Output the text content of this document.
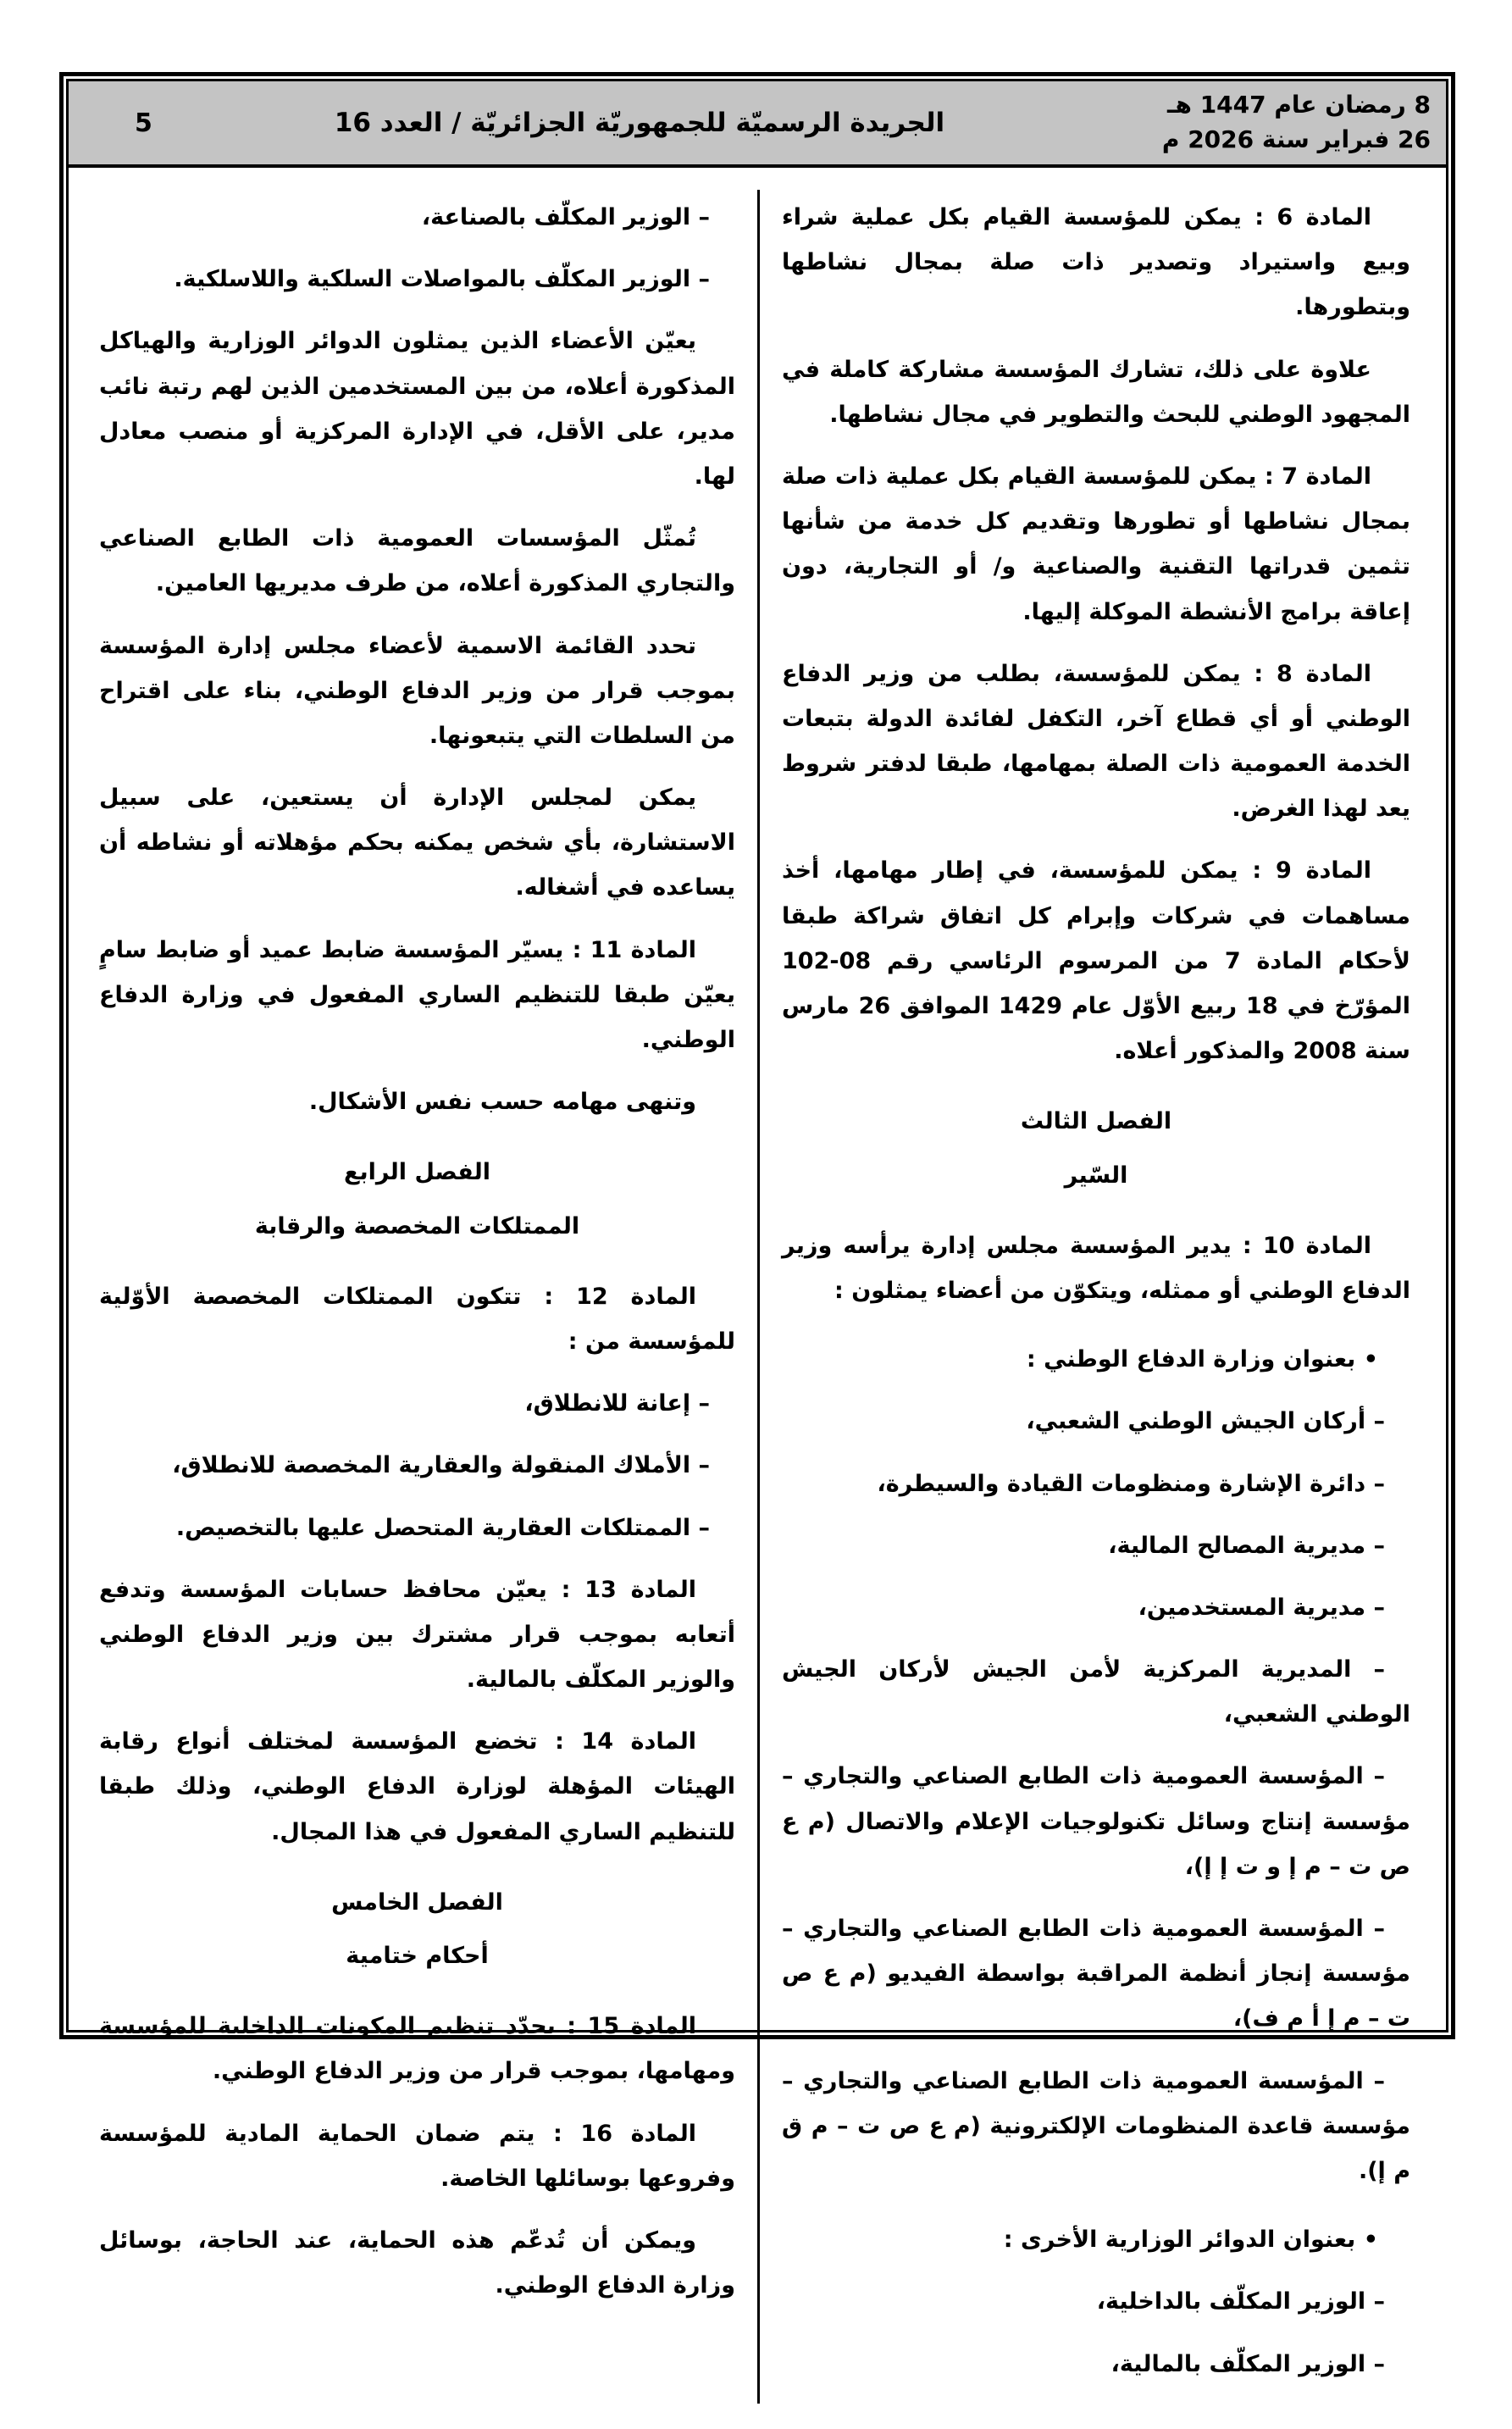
8 رمضان عام 1447 هـ
26 فبراير سنة 2026 م
الجريدة الرسميّة للجمهوريّة الجزائريّة / العدد 16
5
المادة 6 : يمكن للمؤسسة القيام بكل عملية شراء وبيع واستيراد وتصدير ذات صلة بمجال نشاطها وبتطورها.
علاوة على ذلك، تشارك المؤسسة مشاركة كاملة في المجهود الوطني للبحث والتطوير في مجال نشاطها.
المادة 7 : يمكن للمؤسسة القيام بكل عملية ذات صلة بمجال نشاطها أو تطورها وتقديم كل خدمة من شأنها تثمين قدراتها التقنية والصناعية و/ أو التجارية، دون إعاقة برامج الأنشطة الموكلة إليها.
المادة 8 : يمكن للمؤسسة، بطلب من وزير الدفاع الوطني أو أي قطاع آخر، التكفل لفائدة الدولة بتبعات الخدمة العمومية ذات الصلة بمهامها، طبقا لدفتر شروط يعد لهذا الغرض.
المادة 9 : يمكن للمؤسسة، في إطار مهامها، أخذ مساهمات في شركات وإبرام كل اتفاق شراكة طبقا لأحكام المادة 7 من المرسوم الرئاسي رقم 08-102 المؤرّخ في 18 ربيع الأوّل عام 1429 الموافق 26 مارس سنة 2008 والمذكور أعلاه.
الفصل الثالث
السّير
المادة 10 : يدير المؤسسة مجلس إدارة يرأسه وزير الدفاع الوطني أو ممثله، ويتكوّن من أعضاء يمثلون :
• بعنوان وزارة الدفاع الوطني :
– أركان الجيش الوطني الشعبي،
– دائرة الإشارة ومنظومات القيادة والسيطرة،
– مديرية المصالح المالية،
– مديرية المستخدمين،
– المديرية المركزية لأمن الجيش لأركان الجيش الوطني الشعبي،
– المؤسسة العمومية ذات الطابع الصناعي والتجاري – مؤسسة إنتاج وسائل تكنولوجيات الإعلام والاتصال (م ع ص ت – م إ و ت إ إ)،
– المؤسسة العمومية ذات الطابع الصناعي والتجاري – مؤسسة إنجاز أنظمة المراقبة بواسطة الفيديو (م ع ص ت – م إ أ م ف)،
– المؤسسة العمومية ذات الطابع الصناعي والتجاري – مؤسسة قاعدة المنظومات الإلكترونية (م ع ص ت – م ق م إ).
• بعنوان الدوائر الوزارية الأخرى :
– الوزير المكلّف بالداخلية،
– الوزير المكلّف بالمالية،
– الوزير المكلّف بالصناعة،
– الوزير المكلّف بالمواصلات السلكية واللاسلكية.
يعيّن الأعضاء الذين يمثلون الدوائر الوزارية والهياكل المذكورة أعلاه، من بين المستخدمين الذين لهم رتبة نائب مدير، على الأقل، في الإدارة المركزية أو منصب معادل لها.
تُمثّل المؤسسات العمومية ذات الطابع الصناعي والتجاري المذكورة أعلاه، من طرف مديريها العامين.
تحدد القائمة الاسمية لأعضاء مجلس إدارة المؤسسة بموجب قرار من وزير الدفاع الوطني، بناء على اقتراح من السلطات التي يتبعونها.
يمكن لمجلس الإدارة أن يستعين، على سبيل الاستشارة، بأي شخص يمكنه بحكم مؤهلاته أو نشاطه أن يساعده في أشغاله.
المادة 11 : يسيّر المؤسسة ضابط عميد أو ضابط سامٍ يعيّن طبقا للتنظيم الساري المفعول في وزارة الدفاع الوطني.
وتنهى مهامه حسب نفس الأشكال.
الفصل الرابع
الممتلكات المخصصة والرقابة
المادة 12 : تتكون الممتلكات المخصصة الأوّلية للمؤسسة من :
– إعانة للانطلاق،
– الأملاك المنقولة والعقارية المخصصة للانطلاق،
– الممتلكات العقارية المتحصل عليها بالتخصيص.
المادة 13 : يعيّن محافظ حسابات المؤسسة وتدفع أتعابه بموجب قرار مشترك بين وزير الدفاع الوطني والوزير المكلّف بالمالية.
المادة 14 : تخضع المؤسسة لمختلف أنواع رقابة الهيئات المؤهلة لوزارة الدفاع الوطني، وذلك طبقا للتنظيم الساري المفعول في هذا المجال.
الفصل الخامس
أحكام ختامية
المادة 15 : يحدّد تنظيم المكونات الداخلية للمؤسسة ومهامها، بموجب قرار من وزير الدفاع الوطني.
المادة 16 : يتم ضمان الحماية المادية للمؤسسة وفروعها بوسائلها الخاصة.
ويمكن أن تُدعّم هذه الحماية، عند الحاجة، بوسائل وزارة الدفاع الوطني.
